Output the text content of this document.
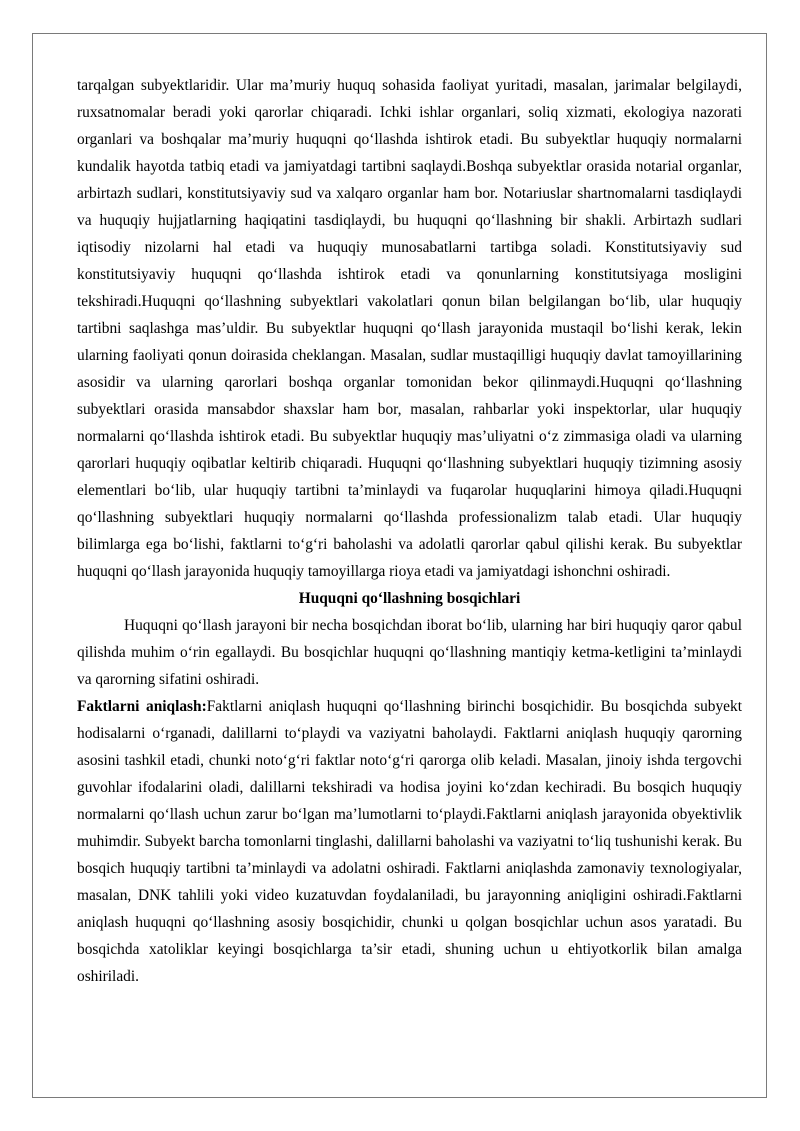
tarqalgan subyektlaridir. Ular ma’muriy huquq sohasida faoliyat yuritadi, masalan, jarimalar belgilaydi, ruxsatnomalar beradi yoki qarorlar chiqaradi. Ichki ishlar organlari, soliq xizmati, ekologiya nazorati organlari va boshqalar ma’muriy huquqni qo‘llashda ishtirok etadi. Bu subyektlar huquqiy normalarni kundalik hayotda tatbiq etadi va jamiyatdagi tartibni saqlaydi.Boshqa subyektlar orasida notarial organlar, arbirtazh sudlari, konstitutsiyaviy sud va xalqaro organlar ham bor. Notariuslar shartnomalarni tasdiqlaydi va huquqiy hujjatlarning haqiqatini tasdiqlaydi, bu huquqni qo‘llashning bir shakli. Arbirtazh sudlari iqtisodiy nizolarni hal etadi va huquqiy munosabatlarni tartibga soladi. Konstitutsiyaviy sud konstitutsiyaviy huquqni qo‘llashda ishtirok etadi va qonunlarning konstitutsiyaga mosligini tekshiradi.Huquqni qo‘llashning subyektlari vakolatlari qonun bilan belgilangan bo‘lib, ular huquqiy tartibni saqlashga mas’uldir. Bu subyektlar huquqni qo‘llash jarayonida mustaqil bo‘lishi kerak, lekin ularning faoliyati qonun doirasida cheklangan. Masalan, sudlar mustaqilligi huquqiy davlat tamoyillarining asosidir va ularning qarorlari boshqa organlar tomonidan bekor qilinmaydi.Huquqni qo‘llashning subyektlari orasida mansabdor shaxslar ham bor, masalan, rahbarlar yoki inspektorlar, ular huquqiy normalarni qo‘llashda ishtirok etadi. Bu subyektlar huquqiy mas’uliyatni o‘z zimmasiga oladi va ularning qarorlari huquqiy oqibatlar keltirib chiqaradi. Huquqni qo‘llashning subyektlari huquqiy tizimning asosiy elementlari bo‘lib, ular huquqiy tartibni ta’minlaydi va fuqarolar huquqlarini himoya qiladi.Huquqni qo‘llashning subyektlari huquqiy normalarni qo‘llashda professionalizm talab etadi. Ular huquqiy bilimlarga ega bo‘lishi, faktlarni to‘g‘ri baholashi va adolatli qarorlar qabul qilishi kerak. Bu subyektlar huquqni qo‘llash jarayonida huquqiy tamoyillarga rioya etadi va jamiyatdagi ishonchni oshiradi.

Huquqni qo‘llashning bosqichlari

Huquqni qo‘llash jarayoni bir necha bosqichdan iborat bo‘lib, ularning har biri huquqiy qaror qabul qilishda muhim o‘rin egallaydi. Bu bosqichlar huquqni qo‘llashning mantiqiy ketma-ketligini ta’minlaydi va qarorning sifatini oshiradi.

Faktlarni aniqlash:Faktlarni aniqlash huquqni qo‘llashning birinchi bosqichidir. Bu bosqichda subyekt hodisalarni o‘rganadi, dalillarni to‘playdi va vaziyatni baholaydi. Faktlarni aniqlash huquqiy qarorning asosini tashkil etadi, chunki noto‘g‘ri faktlar noto‘g‘ri qarorga olib keladi. Masalan, jinoiy ishda tergovchi guvohlar ifodalarini oladi, dalillarni tekshiradi va hodisa joyini ko‘zdan kechiradi. Bu bosqich huquqiy normalarni qo‘llash uchun zarur bo‘lgan ma’lumotlarni to‘playdi.Faktlarni aniqlash jarayonida obyektivlik muhimdir. Subyekt barcha tomonlarni tinglashi, dalillarni baholashi va vaziyatni to‘liq tushunishi kerak. Bu bosqich huquqiy tartibni ta’minlaydi va adolatni oshiradi. Faktlarni aniqlashda zamonaviy texnologiyalar, masalan, DNK tahlili yoki video kuzatuvdan foydalaniladi, bu jarayonning aniqligini oshiradi.Faktlarni aniqlash huquqni qo‘llashning asosiy bosqichidir, chunki u qolgan bosqichlar uchun asos yaratadi. Bu bosqichda xatoliklar keyingi bosqichlarga ta’sir etadi, shuning uchun u ehtiyotkorlik bilan amalga oshiriladi.
